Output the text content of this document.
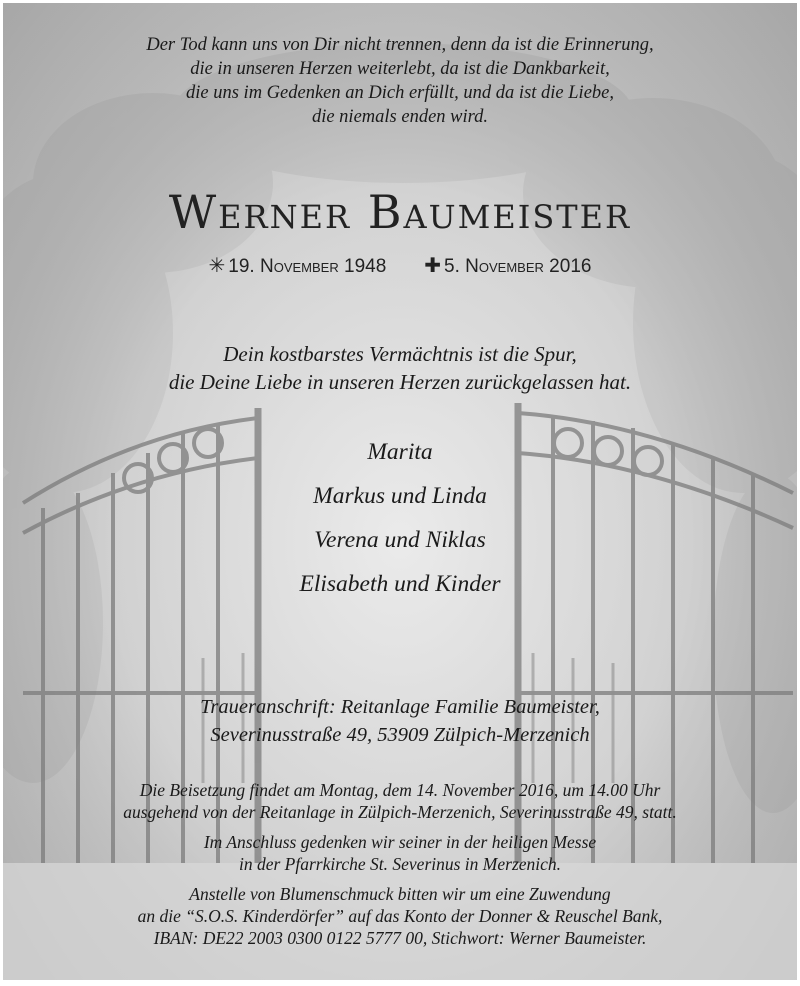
Der Tod kann uns von Dir nicht trennen, denn da ist die Erinnerung,
die in unseren Herzen weiterlebt, da ist die Dankbarkeit,
die uns im Gedenken an Dich erfüllt, und da ist die Liebe,
die niemals enden wird.
Werner Baumeister
✳ 19. November 1948 ✚ 5. November 2016
Dein kostbarstes Vermächtnis ist die Spur,
die Deine Liebe in unseren Herzen zurückgelassen hat.
Marita
Markus und Linda
Verena und Niklas
Elisabeth und Kinder
Traueranschrift: Reitanlage Familie Baumeister,
Severinusstraße 49, 53909 Zülpich-Merzenich
Die Beisetzung findet am Montag, dem 14. November 2016, um 14.00 Uhr
ausgehend von der Reitanlage in Zülpich-Merzenich, Severinusstraße 49, statt.
Im Anschluss gedenken wir seiner in der heiligen Messe
in der Pfarrkirche St. Severinus in Merzenich.
Anstelle von Blumenschmuck bitten wir um eine Zuwendung
an die “S.O.S. Kinderdörfer” auf das Konto der Donner & Reuschel Bank,
IBAN: DE22 2003 0300 0122 5777 00, Stichwort: Werner Baumeister.
